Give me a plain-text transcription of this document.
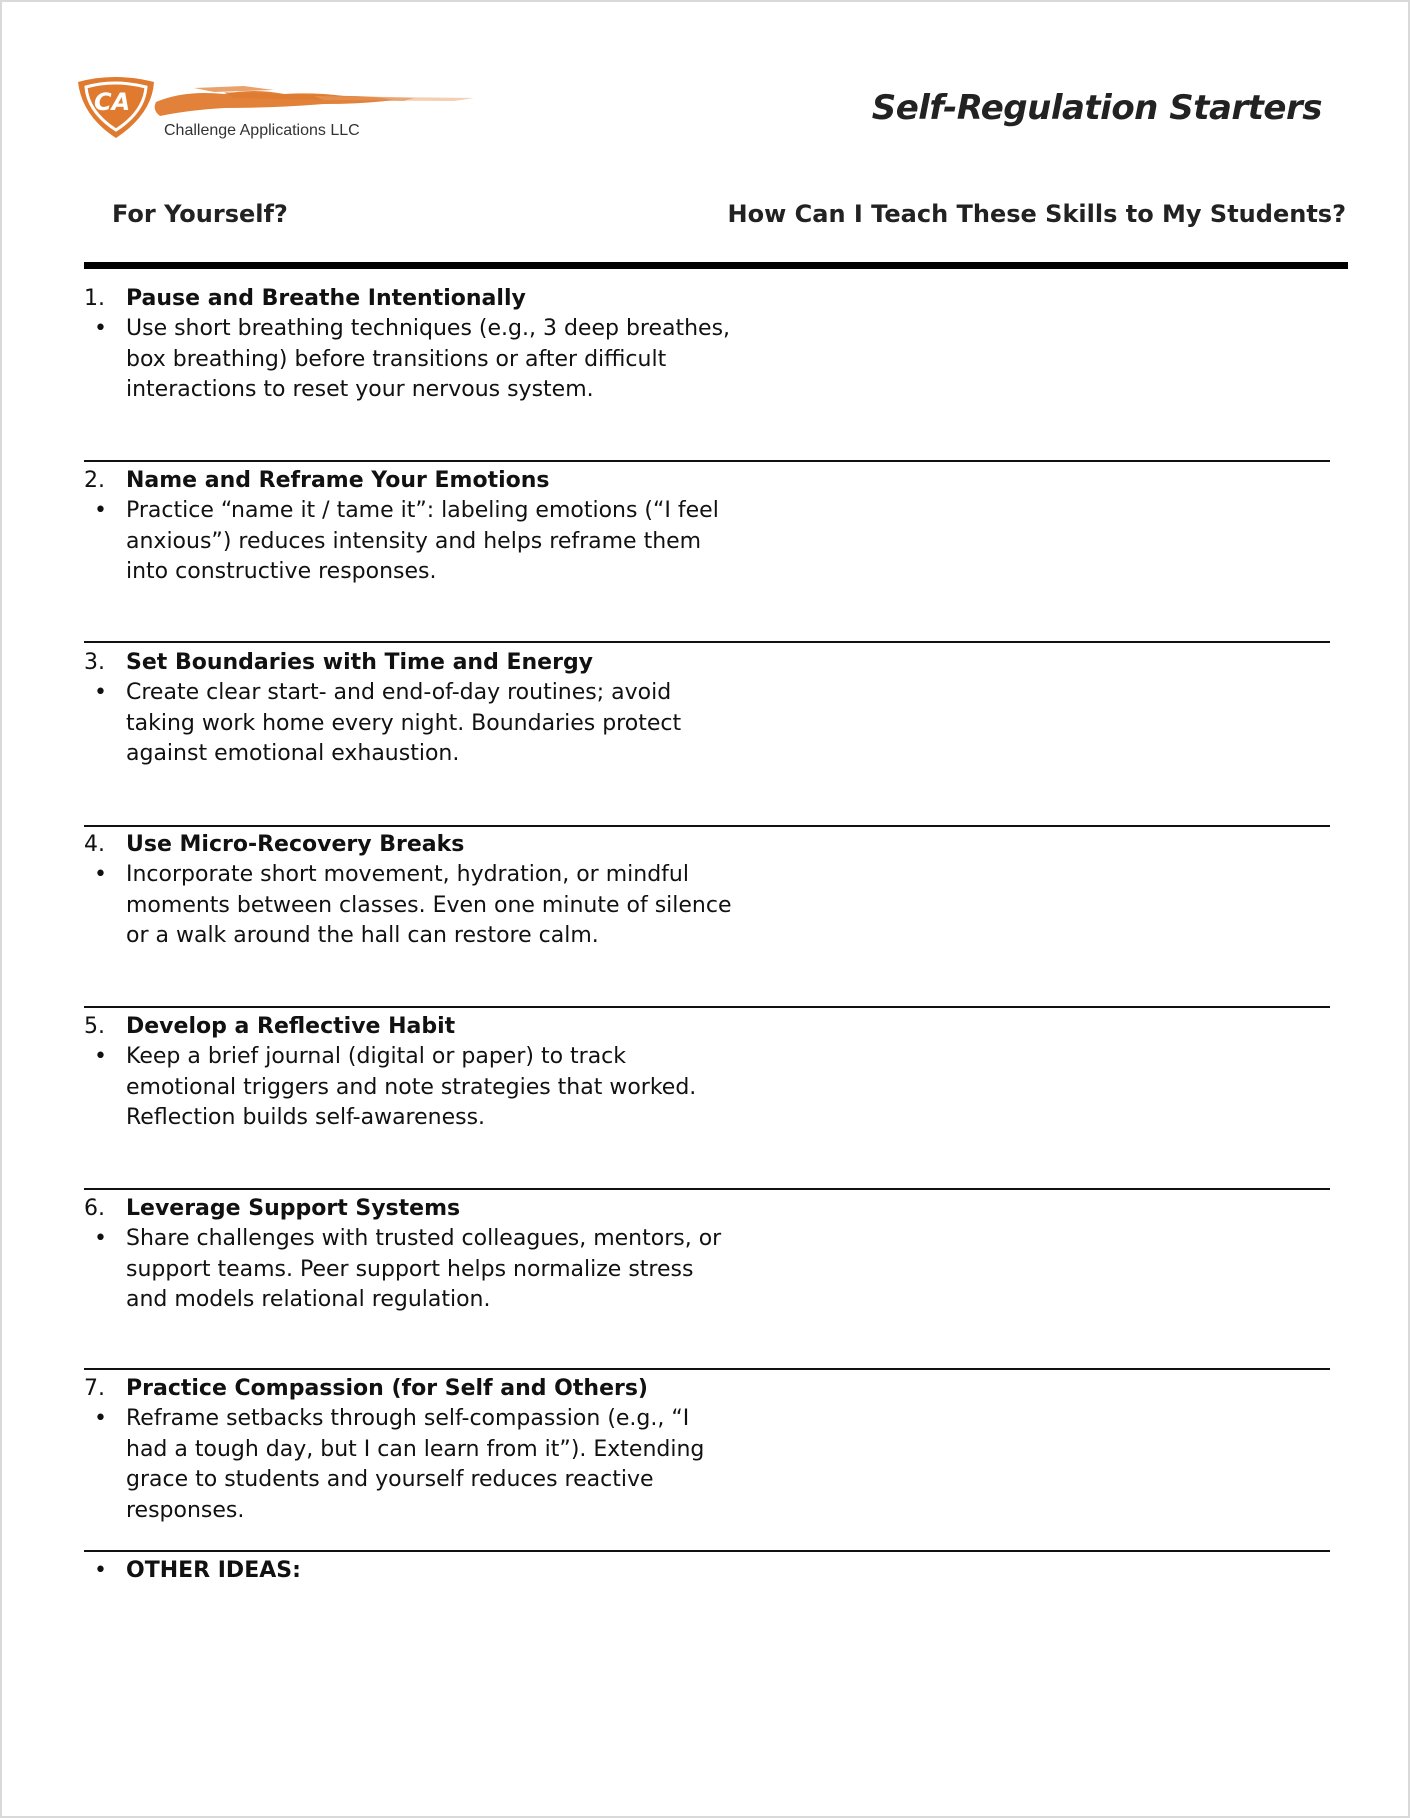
CA
Challenge Applications LLC
Self-Regulation Starters
For Yourself?	How Can I Teach These Skills to My Students?
1. Pause and Breathe Intentionally
• Use short breathing techniques (e.g., 3 deep breathes, box breathing) before transitions or after difficult interactions to reset your nervous system.
2. Name and Reframe Your Emotions
• Practice “name it / tame it”: labeling emotions (“I feel anxious”) reduces intensity and helps reframe them into constructive responses.
3. Set Boundaries with Time and Energy
• Create clear start- and end-of-day routines; avoid taking work home every night. Boundaries protect against emotional exhaustion.
4. Use Micro-Recovery Breaks
• Incorporate short movement, hydration, or mindful moments between classes. Even one minute of silence or a walk around the hall can restore calm.
5. Develop a Reflective Habit
• Keep a brief journal (digital or paper) to track emotional triggers and note strategies that worked. Reflection builds self-awareness.
6. Leverage Support Systems
• Share challenges with trusted colleagues, mentors, or support teams. Peer support helps normalize stress and models relational regulation.
7. Practice Compassion (for Self and Others)
• Reframe setbacks through self-compassion (e.g., “I had a tough day, but I can learn from it”). Extending grace to students and yourself reduces reactive responses.
• OTHER IDEAS:
